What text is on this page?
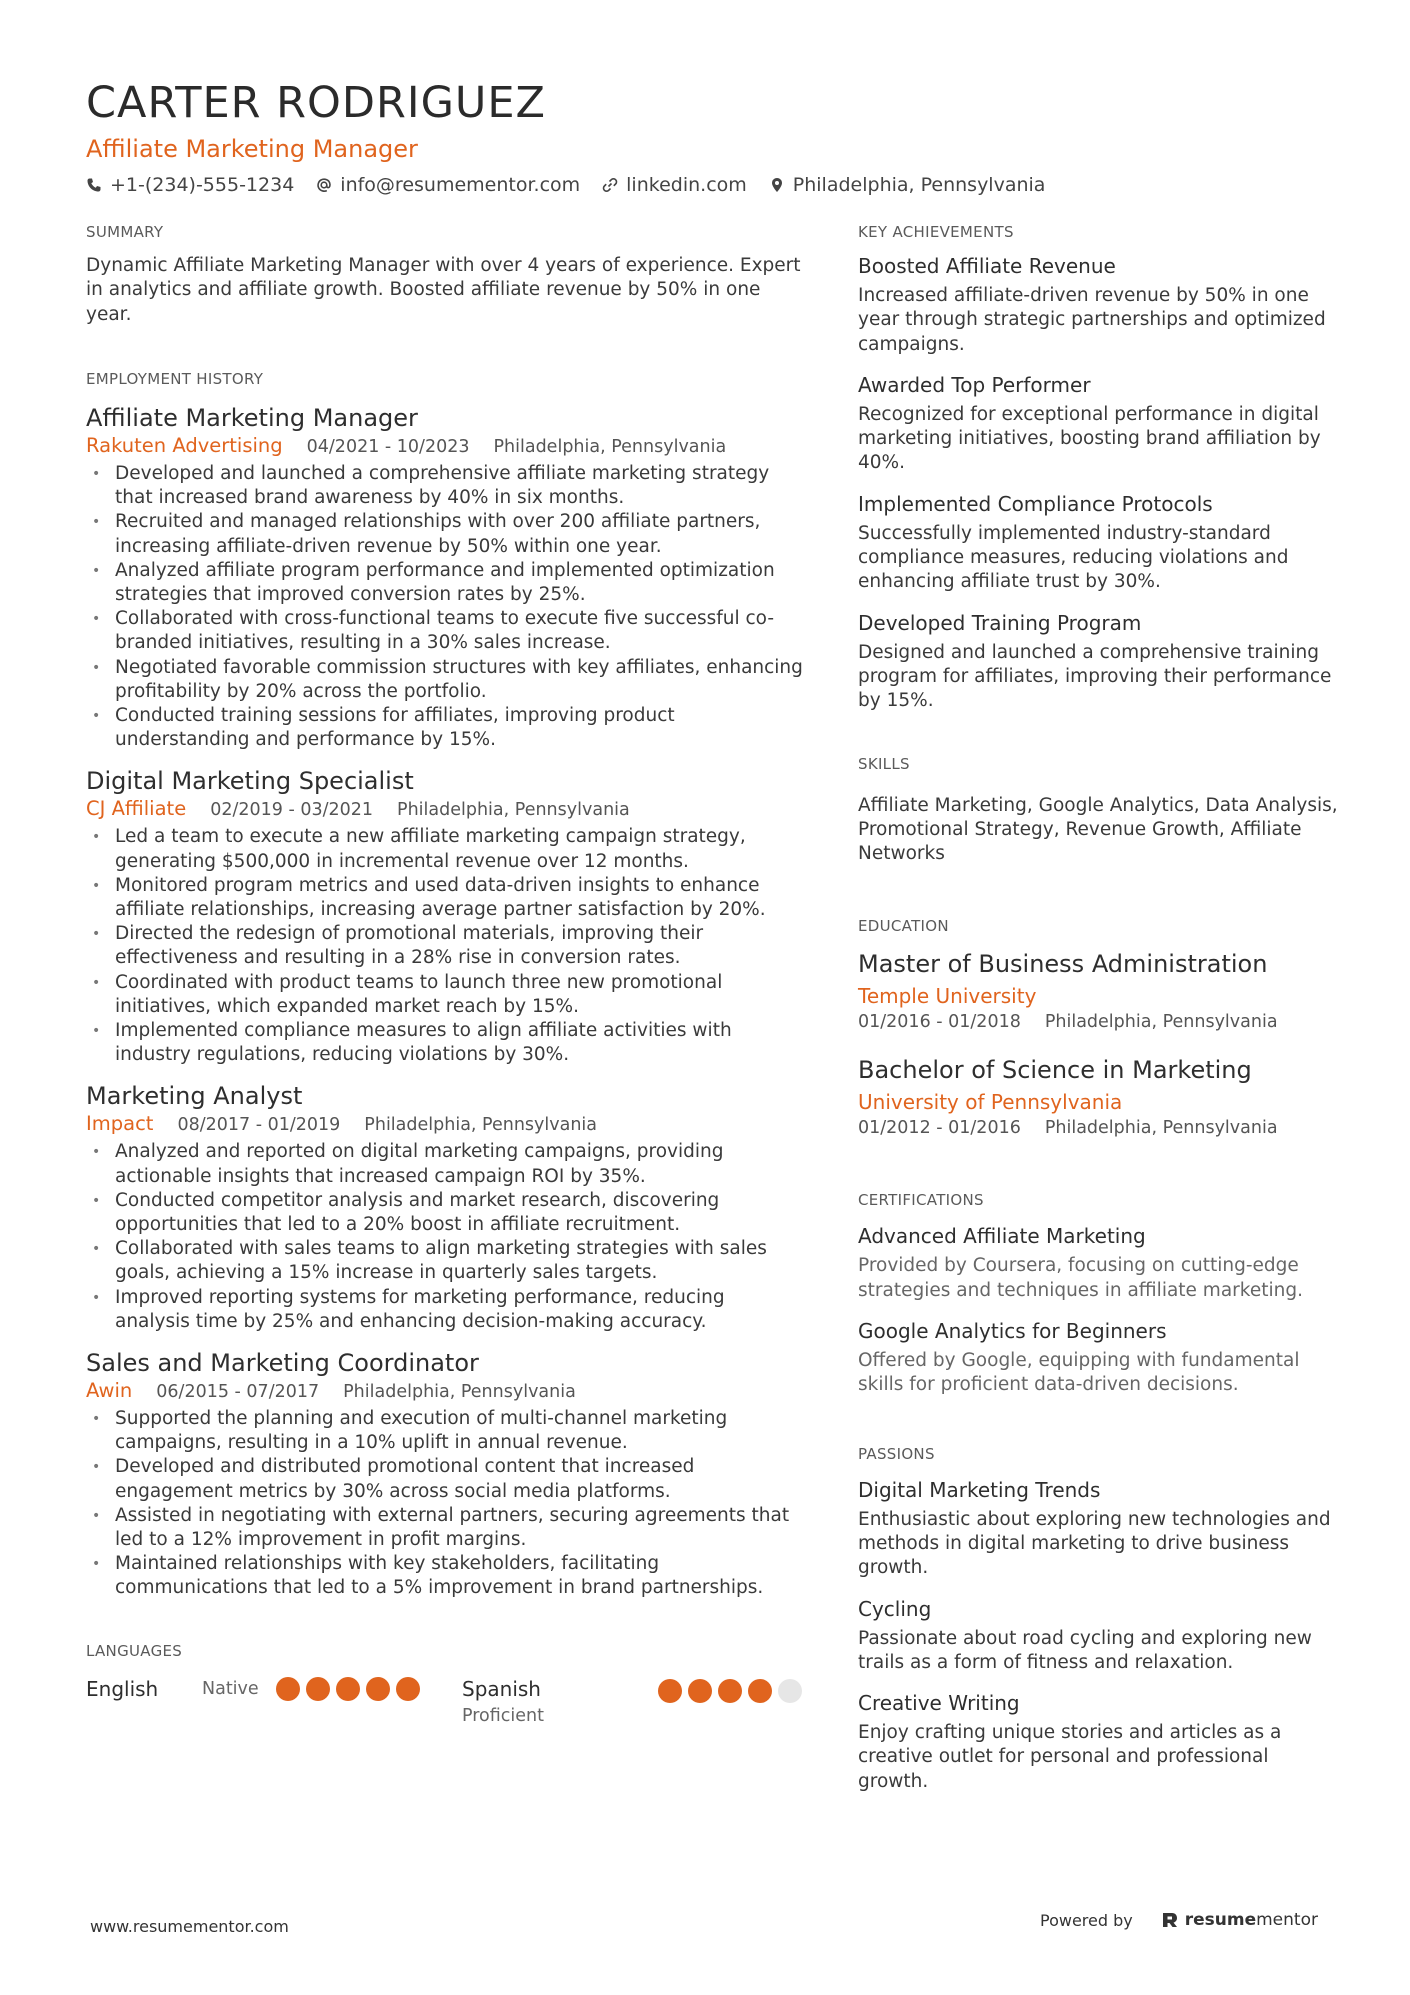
CARTER RODRIGUEZ
Affiliate Marketing Manager
+1-(234)-555-1234 info@resumementor.com linkedin.com Philadelphia, Pennsylvania
SUMMARY
Dynamic Affiliate Marketing Manager with over 4 years of experience. Expert in analytics and affiliate growth. Boosted affiliate revenue by 50% in one year.
EMPLOYMENT HISTORY
Affiliate Marketing Manager
Rakuten Advertising 04/2021 - 10/2023 Philadelphia, Pennsylvania
• Developed and launched a comprehensive affiliate marketing strategy that increased brand awareness by 40% in six months.
• Recruited and managed relationships with over 200 affiliate partners, increasing affiliate-driven revenue by 50% within one year.
• Analyzed affiliate program performance and implemented optimization strategies that improved conversion rates by 25%.
• Collaborated with cross-functional teams to execute five successful co-branded initiatives, resulting in a 30% sales increase.
• Negotiated favorable commission structures with key affiliates, enhancing profitability by 20% across the portfolio.
• Conducted training sessions for affiliates, improving product understanding and performance by 15%.
Digital Marketing Specialist
CJ Affiliate 02/2019 - 03/2021 Philadelphia, Pennsylvania
• Led a team to execute a new affiliate marketing campaign strategy, generating $500,000 in incremental revenue over 12 months.
• Monitored program metrics and used data-driven insights to enhance affiliate relationships, increasing average partner satisfaction by 20%.
• Directed the redesign of promotional materials, improving their effectiveness and resulting in a 28% rise in conversion rates.
• Coordinated with product teams to launch three new promotional initiatives, which expanded market reach by 15%.
• Implemented compliance measures to align affiliate activities with industry regulations, reducing violations by 30%.
Marketing Analyst
Impact 08/2017 - 01/2019 Philadelphia, Pennsylvania
• Analyzed and reported on digital marketing campaigns, providing actionable insights that increased campaign ROI by 35%.
• Conducted competitor analysis and market research, discovering opportunities that led to a 20% boost in affiliate recruitment.
• Collaborated with sales teams to align marketing strategies with sales goals, achieving a 15% increase in quarterly sales targets.
• Improved reporting systems for marketing performance, reducing analysis time by 25% and enhancing decision-making accuracy.
Sales and Marketing Coordinator
Awin 06/2015 - 07/2017 Philadelphia, Pennsylvania
• Supported the planning and execution of multi-channel marketing campaigns, resulting in a 10% uplift in annual revenue.
• Developed and distributed promotional content that increased engagement metrics by 30% across social media platforms.
• Assisted in negotiating with external partners, securing agreements that led to a 12% improvement in profit margins.
• Maintained relationships with key stakeholders, facilitating communications that led to a 5% improvement in brand partnerships.
LANGUAGES
English	Native	Spanish
Proficient
KEY ACHIEVEMENTS
Boosted Affiliate Revenue
Increased affiliate-driven revenue by 50% in one year through strategic partnerships and optimized campaigns.
Awarded Top Performer
Recognized for exceptional performance in digital marketing initiatives, boosting brand affiliation by 40%.
Implemented Compliance Protocols
Successfully implemented industry-standard compliance measures, reducing violations and enhancing affiliate trust by 30%.
Developed Training Program
Designed and launched a comprehensive training program for affiliates, improving their performance by 15%.
SKILLS
Affiliate Marketing, Google Analytics, Data Analysis, Promotional Strategy, Revenue Growth, Affiliate Networks
EDUCATION
Master of Business Administration
Temple University
01/2016 - 01/2018 Philadelphia, Pennsylvania
Bachelor of Science in Marketing
University of Pennsylvania
01/2012 - 01/2016 Philadelphia, Pennsylvania
CERTIFICATIONS
Advanced Affiliate Marketing
Provided by Coursera, focusing on cutting-edge strategies and techniques in affiliate marketing.
Google Analytics for Beginners
Offered by Google, equipping with fundamental skills for proficient data-driven decisions.
PASSIONS
Digital Marketing Trends
Enthusiastic about exploring new technologies and methods in digital marketing to drive business growth.
Cycling
Passionate about road cycling and exploring new trails as a form of fitness and relaxation.
Creative Writing
Enjoy crafting unique stories and articles as a creative outlet for personal and professional growth.
www.resumementor.com	Powered by	resumementor
